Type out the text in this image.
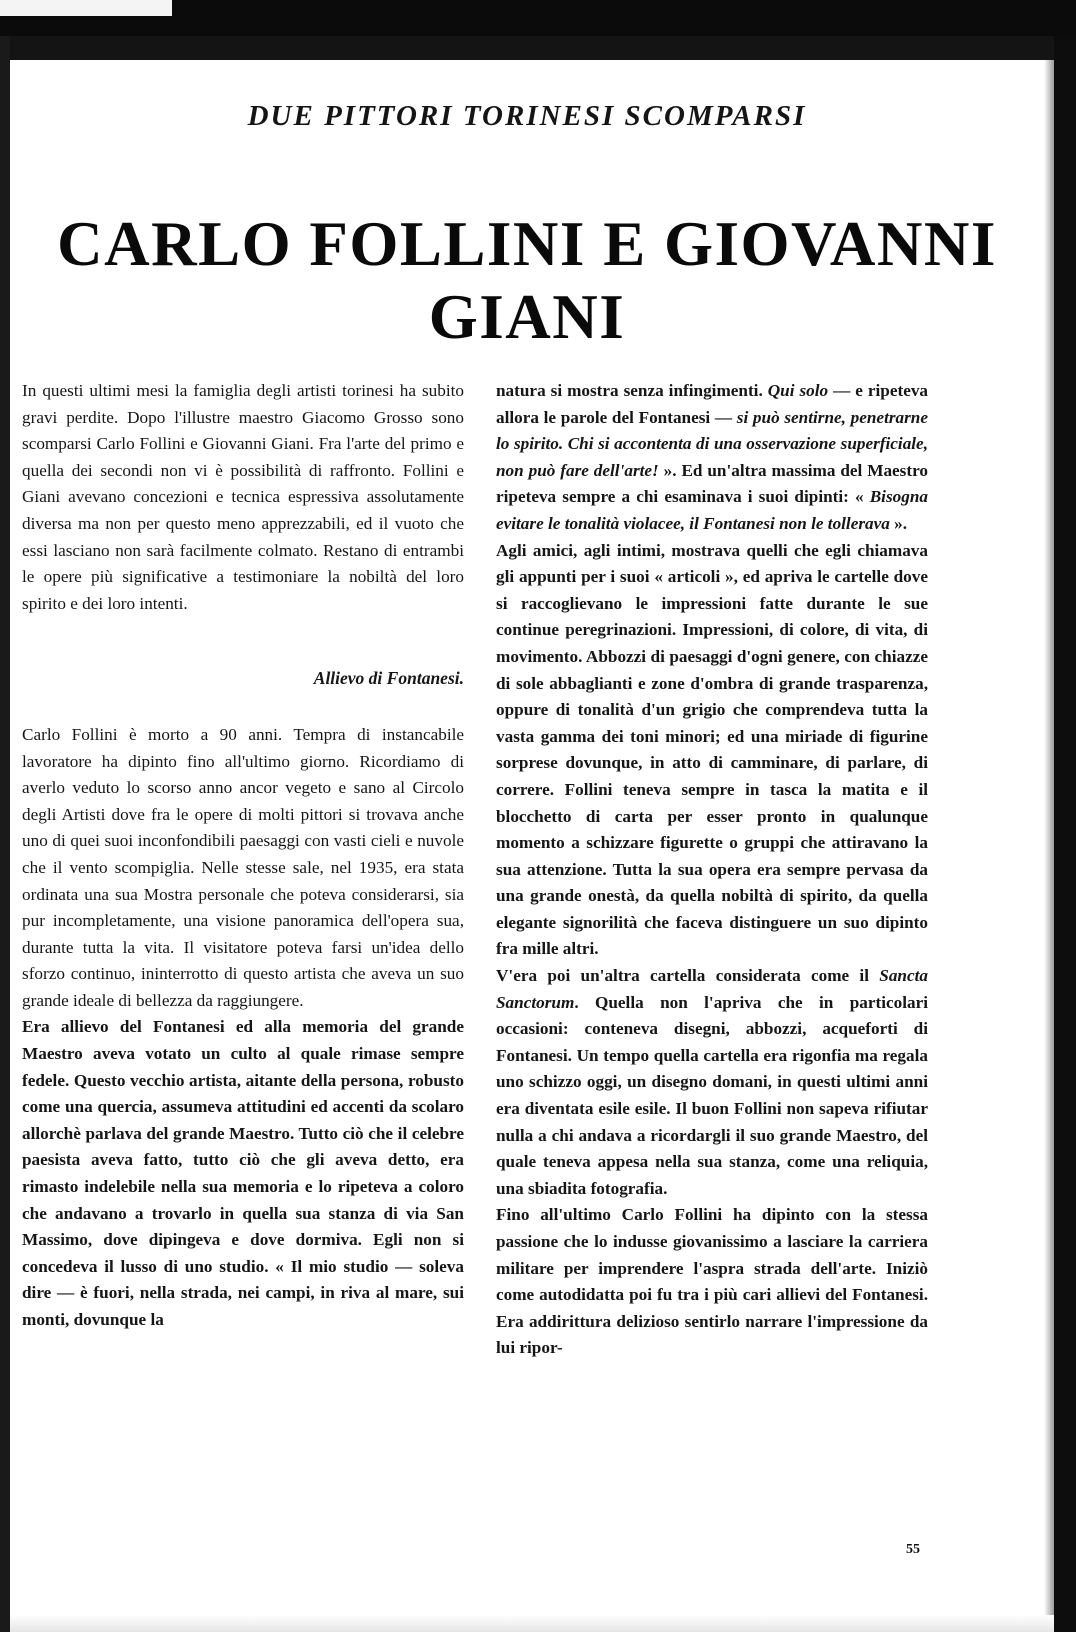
DUE PITTORI TORINESI SCOMPARSI
CARLO FOLLINI E GIOVANNI GIANI

In questi ultimi mesi la famiglia degli artisti torinesi ha subito gravi perdite. Dopo l'illustre maestro Giacomo Grosso sono scomparsi Carlo Follini e Giovanni Giani. Fra l'arte del primo e quella dei secondi non vi è possibilità di raffronto. Follini e Giani avevano concezioni e tecnica espressiva assolutamente diversa ma non per questo meno apprezzabili, ed il vuoto che essi lasciano non sarà facilmente colmato. Restano di entrambi le opere più significative a testimoniare la nobiltà del loro spirito e dei loro intenti.

Allievo di Fontanesi.

Carlo Follini è morto a 90 anni. Tempra di instancabile lavoratore ha dipinto fino all'ultimo giorno. Ricordiamo di averlo veduto lo scorso anno ancor vegeto e sano al Circolo degli Artisti dove fra le opere di molti pittori si trovava anche uno di quei suoi inconfondibili paesaggi con vasti cieli e nuvole che il vento scompiglia. Nelle stesse sale, nel 1935, era stata ordinata una sua Mostra personale che poteva considerarsi, sia pur incompletamente, una visione panoramica dell'opera sua, durante tutta la vita. Il visitatore poteva farsi un'idea dello sforzo continuo, ininterrotto di questo artista che aveva un suo grande ideale di bellezza da raggiungere.

Era allievo del Fontanesi ed alla memoria del grande Maestro aveva votato un culto al quale rimase sempre fedele. Questo vecchio artista, aitante della persona, robusto come una quercia, assumeva attitudini ed accenti da scolaro allorchè parlava del grande Maestro. Tutto ciò che il celebre paesista aveva fatto, tutto ciò che gli aveva detto, era rimasto indelebile nella sua memoria e lo ripeteva a coloro che andavano a trovarlo in quella sua stanza di via San Massimo, dove dipingeva e dove dormiva. Egli non si concedeva il lusso di uno studio. « Il mio studio — soleva dire — è fuori, nella strada, nei campi, in riva al mare, sui monti, dovunque la

natura si mostra senza infingimenti. Qui solo — e ripeteva allora le parole del Fontanesi — si può sentirne, penetrarne lo spirito. Chi si accontenta di una osservazione superficiale, non può fare dell'arte! ». Ed un'altra massima del Maestro ripeteva sempre a chi esaminava i suoi dipinti: « Bisogna evitare le tonalità violacee, il Fontanesi non le tollerava ».

Agli amici, agli intimi, mostrava quelli che egli chiamava gli appunti per i suoi « articoli », ed apriva le cartelle dove si raccoglievano le impressioni fatte durante le sue continue peregrinazioni. Impressioni, di colore, di vita, di movimento. Abbozzi di paesaggi d'ogni genere, con chiazze di sole abbaglianti e zone d'ombra di grande trasparenza, oppure di tonalità d'un grigio che comprendeva tutta la vasta gamma dei toni minori; ed una miriade di figurine sorprese dovunque, in atto di camminare, di parlare, di correre. Follini teneva sempre in tasca la matita e il blocchetto di carta per esser pronto in qualunque momento a schizzare figurette o gruppi che attiravano la sua attenzione. Tutta la sua opera era sempre pervasa da una grande onestà, da quella nobiltà di spirito, da quella elegante signorilità che faceva distinguere un suo dipinto fra mille altri.

V'era poi un'altra cartella considerata come il Sancta Sanctorum. Quella non l'apriva che in particolari occasioni: conteneva disegni, abbozzi, acqueforti di Fontanesi. Un tempo quella cartella era rigonfia ma regala uno schizzo oggi, un disegno domani, in questi ultimi anni era diventata esile esile. Il buon Follini non sapeva rifiutar nulla a chi andava a ricordargli il suo grande Maestro, del quale teneva appesa nella sua stanza, come una reliquia, una sbiadita fotografia.

Fino all'ultimo Carlo Follini ha dipinto con la stessa passione che lo indusse giovanissimo a lasciare la carriera militare per imprendere l'aspra strada dell'arte. Iniziò come autodidatta poi fu tra i più cari allievi del Fontanesi. Era addirittura delizioso sentirlo narrare l'impressione da lui ripor-

55
